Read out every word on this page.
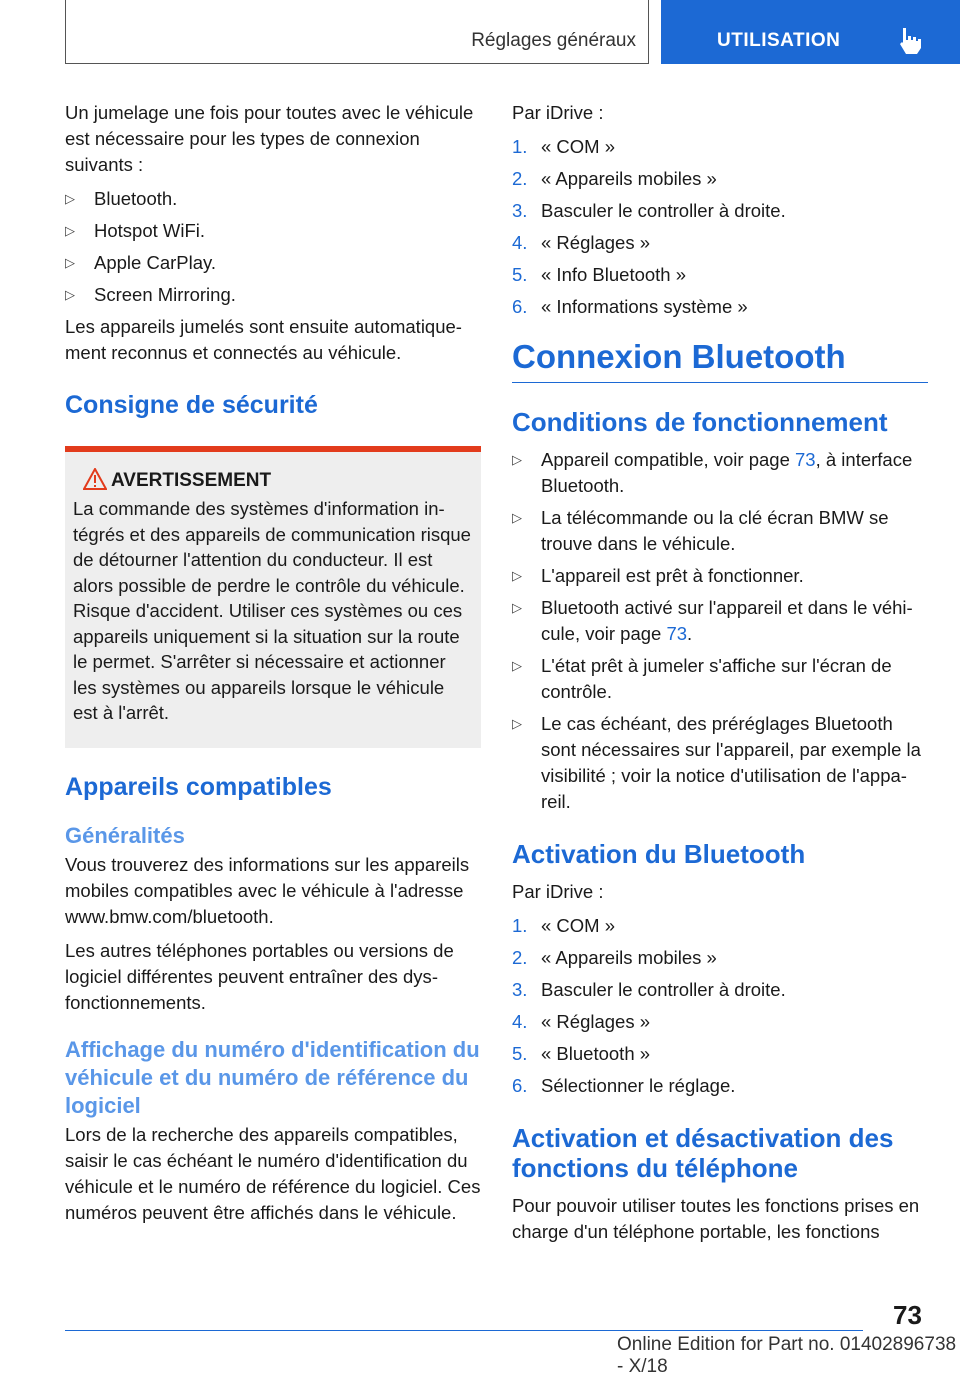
Réglages généraux	UTILISATION

Un jumelage une fois pour toutes avec le véhicule est nécessaire pour les types de connexion suivants :

▷ Bluetooth.
▷ Hotspot WiFi.
▷ Apple CarPlay.
▷ Screen Mirroring.

Les appareils jumelés sont ensuite automatiquement reconnus et connectés au véhicule.

Consigne de sécurité
AVERTISSEMENT

La commande des systèmes d'information intégrés et des appareils de communication risque de détourner l'attention du conducteur. Il est alors possible de perdre le contrôle du véhicule. Risque d'accident. Utiliser ces systèmes ou ces appareils uniquement si la situation sur la route le permet. S'arrêter si nécessaire et actionner les systèmes ou appareils lorsque le véhicule est à l'arrêt.

Appareils compatibles
Généralités

Vous trouverez des informations sur les appareils mobiles compatibles avec le véhicule à l'adresse www.bmw.com/bluetooth.

Les autres téléphones portables ou versions de logiciel différentes peuvent entraîner des dysfonctionnements.

Affichage du numéro d'identification du véhicule et du numéro de référence du logiciel

Lors de la recherche des appareils compatibles, saisir le cas échéant le numéro d'identification du véhicule et le numéro de référence du logiciel. Ces numéros peuvent être affichés dans le véhicule.

Par iDrive :

1. « COM »
2. « Appareils mobiles »
3. Basculer le controller à droite.
4. « Réglages »
5. « Info Bluetooth »
6. « Informations système »
Connexion Bluetooth
Conditions de fonctionnement
▷ Appareil compatible, voir page 73, à interface Bluetooth.
▷ La télécommande ou la clé écran BMW se trouve dans le véhicule.
▷ L'appareil est prêt à fonctionner.
▷ Bluetooth activé sur l'appareil et dans le véhicule, voir page 73.
▷ L'état prêt à jumeler s'affiche sur l'écran de contrôle.
▷ Le cas échéant, des préréglages Bluetooth sont nécessaires sur l'appareil, par exemple la visibilité ; voir la notice d'utilisation de l'appareil.
Activation du Bluetooth

Par iDrive :

1. « COM »
2. « Appareils mobiles »
3. Basculer le controller à droite.
4. « Réglages »
5. « Bluetooth »
6. Sélectionner le réglage.
Activation et désactivation des fonctions du téléphone

Pour pouvoir utiliser toutes les fonctions prises en charge d'un téléphone portable, les fonctions

73
Online Edition for Part no. 01402896738 - X/18
